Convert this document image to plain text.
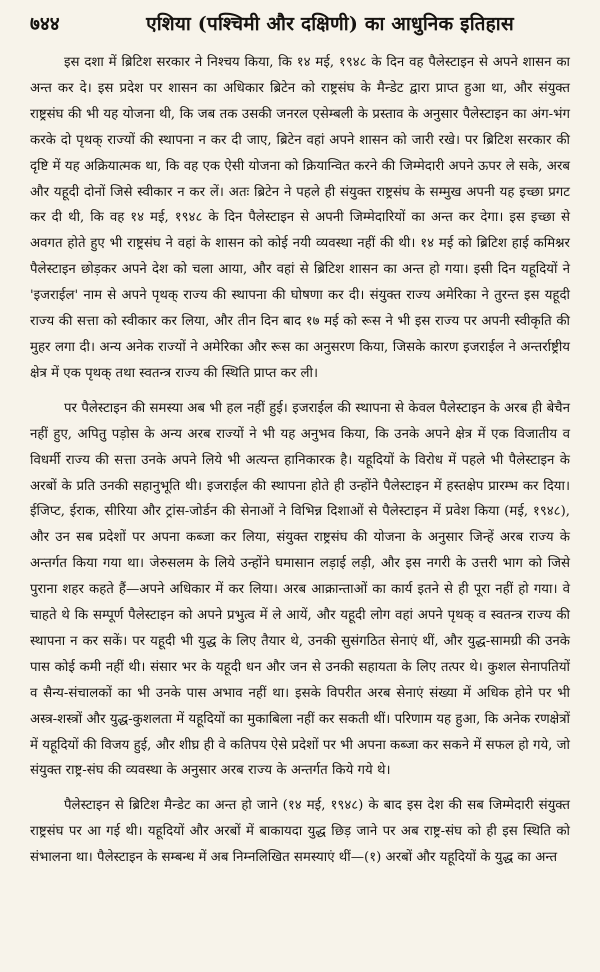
७४४	एशिया (पश्चिमी और दक्षिणी) का आधुनिक इतिहास

इस दशा में ब्रिटिश सरकार ने निश्चय किया, कि १४ मई, १९४८ के दिन वह पैलेस्टाइन से अपने शासन का अन्त कर दे। इस प्रदेश पर शासन का अधिकार ब्रिटेन को राष्ट्रसंघ के मैन्डेट द्वारा प्राप्त हुआ था, और संयुक्त राष्ट्रसंघ की भी यह योजना थी, कि जब तक उसकी जनरल एसेम्बली के प्रस्ताव के अनुसार पैलेस्टाइन का अंग-भंग करके दो पृथक् राज्यों की स्थापना न कर दी जाए, ब्रिटेन वहां अपने शासन को जारी रखे। पर ब्रिटिश सरकार की दृष्टि में यह अक्रियात्मक था, कि वह एक ऐसी योजना को क्रियान्वित करने की जिम्मेदारी अपने ऊपर ले सके, अरब और यहूदी दोनों जिसे स्वीकार न कर लें। अतः ब्रिटेन ने पहले ही संयुक्त राष्ट्रसंघ के सम्मुख अपनी यह इच्छा प्रगट कर दी थी, कि वह १४ मई, १९४८ के दिन पैलेस्टाइन से अपनी जिम्मेदारियों का अन्त कर देगा। इस इच्छा से अवगत होते हुए भी राष्ट्रसंघ ने वहां के शासन को कोई नयी व्यवस्था नहीं की थी। १४ मई को ब्रिटिश हाई कमिश्नर पैलेस्टाइन छोड़कर अपने देश को चला आया, और वहां से ब्रिटिश शासन का अन्त हो गया। इसी दिन यहूदियों ने 'इजराईल' नाम से अपने पृथक् राज्य की स्थापना की घोषणा कर दी। संयुक्त राज्य अमेरिका ने तुरन्त इस यहूदी राज्य की सत्ता को स्वीकार कर लिया, और तीन दिन बाद १७ मई को रूस ने भी इस राज्य पर अपनी स्वीकृति की मुहर लगा दी। अन्य अनेक राज्यों ने अमेरिका और रूस का अनुसरण किया, जिसके कारण इजराईल ने अन्तर्राष्ट्रीय क्षेत्र में एक पृथक् तथा स्वतन्त्र राज्य की स्थिति प्राप्त कर ली।

पर पैलेस्टाइन की समस्या अब भी हल नहीं हुई। इजराईल की स्थापना से केवल पैलेस्टाइन के अरब ही बेचैन नहीं हुए, अपितु पड़ोस के अन्य अरब राज्यों ने भी यह अनुभव किया, कि उनके अपने क्षेत्र में एक विजातीय व विधर्मी राज्य की सत्ता उनके अपने लिये भी अत्यन्त हानिकारक है। यहूदियों के विरोध में पहले भी पैलेस्टाइन के अरबों के प्रति उनकी सहानुभूति थी। इजराईल की स्थापना होते ही उन्होंने पैलेस्टाइन में हस्तक्षेप प्रारम्भ कर दिया। ईजिप्ट, ईराक, सीरिया और ट्रांस-जोर्डन की सेनाओं ने विभिन्न दिशाओं से पैलेस्टाइन में प्रवेश किया (मई, १९४८), और उन सब प्रदेशों पर अपना कब्जा कर लिया, संयुक्त राष्ट्रसंघ की योजना के अनुसार जिन्हें अरब राज्य के अन्तर्गत किया गया था। जेरुसलम के लिये उन्होंने घमासान लड़ाई लड़ी, और इस नगरी के उत्तरी भाग को जिसे पुराना शहर कहते हैं—अपने अधिकार में कर लिया। अरब आक्रान्ताओं का कार्य इतने से ही पूरा नहीं हो गया। वे चाहते थे कि सम्पूर्ण पैलेस्टाइन को अपने प्रभुत्व में ले आयें, और यहूदी लोग वहां अपने पृथक् व स्वतन्त्र राज्य की स्थापना न कर सकें। पर यहूदी भी युद्ध के लिए तैयार थे, उनकी सुसंगठित सेनाएं थीं, और युद्ध-सामग्री की उनके पास कोई कमी नहीं थी। संसार भर के यहूदी धन और जन से उनकी सहायता के लिए तत्पर थे। कुशल सेनापतियों व सैन्य-संचालकों का भी उनके पास अभाव नहीं था। इसके विपरीत अरब सेनाएं संख्या में अधिक होने पर भी अस्त्र-शस्त्रों और युद्ध-कुशलता में यहूदियों का मुकाबिला नहीं कर सकती थीं। परिणाम यह हुआ, कि अनेक रणक्षेत्रों में यहूदियों की विजय हुई, और शीघ्र ही वे कतिपय ऐसे प्रदेशों पर भी अपना कब्जा कर सकने में सफल हो गये, जो संयुक्त राष्ट्र-संघ की व्यवस्था के अनुसार अरब राज्य के अन्तर्गत किये गये थे।

पैलेस्टाइन से ब्रिटिश मैन्डेट का अन्त हो जाने (१४ मई, १९४८) के बाद इस देश की सब जिम्मेदारी संयुक्त राष्ट्रसंघ पर आ गई थी। यहूदियों और अरबों में बाकायदा युद्ध छिड़ जाने पर अब राष्ट्र-संघ को ही इस स्थिति को संभालना था। पैलेस्टाइन के सम्बन्ध में अब निम्नलिखित समस्याएं थीं—(१) अरबों और यहूदियों के युद्ध का अन्त
